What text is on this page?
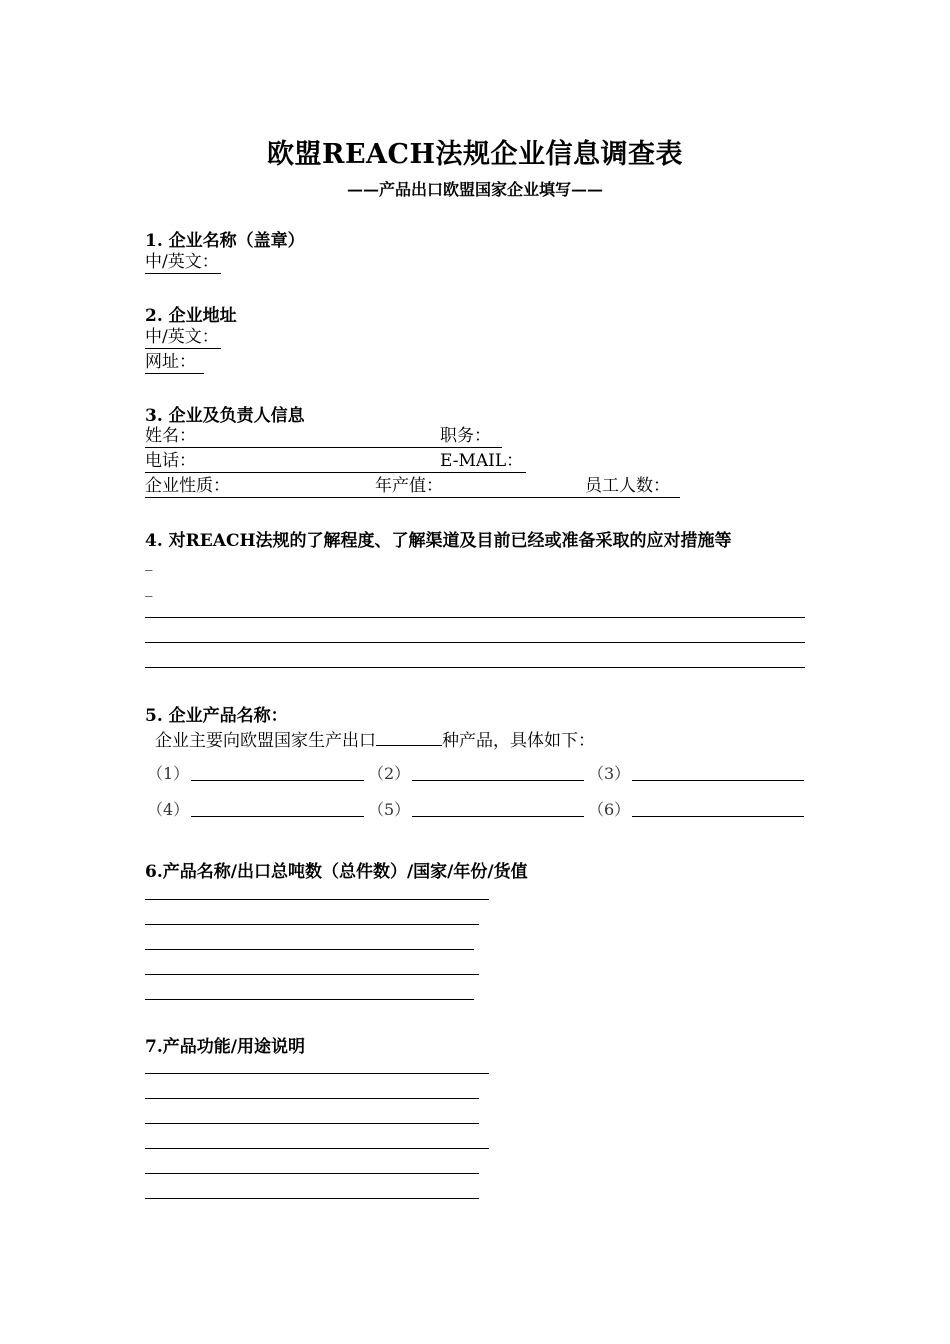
欧盟REACH法规企业信息调查表
——产品出口欧盟国家企业填写——
1. 企业名称（盖章）
中/英文：
2. 企业地址
中/英文：
网址：
3. 企业及负责人信息
姓名：	职务：
电话：	E-MAIL：
企业性质：	年产值：	员工人数：
4. 对REACH法规的了解程度、了解渠道及目前已经或准备采取的应对措施等
_
_
5. 企业产品名称：
企业主要向欧盟国家生产出口	种产品，具体如下：
（1）	（2）	（3）
（4）	（5）	（6）
6.产品名称/出口总吨数（总件数）/国家/年份/货值
7.产品功能/用途说明
